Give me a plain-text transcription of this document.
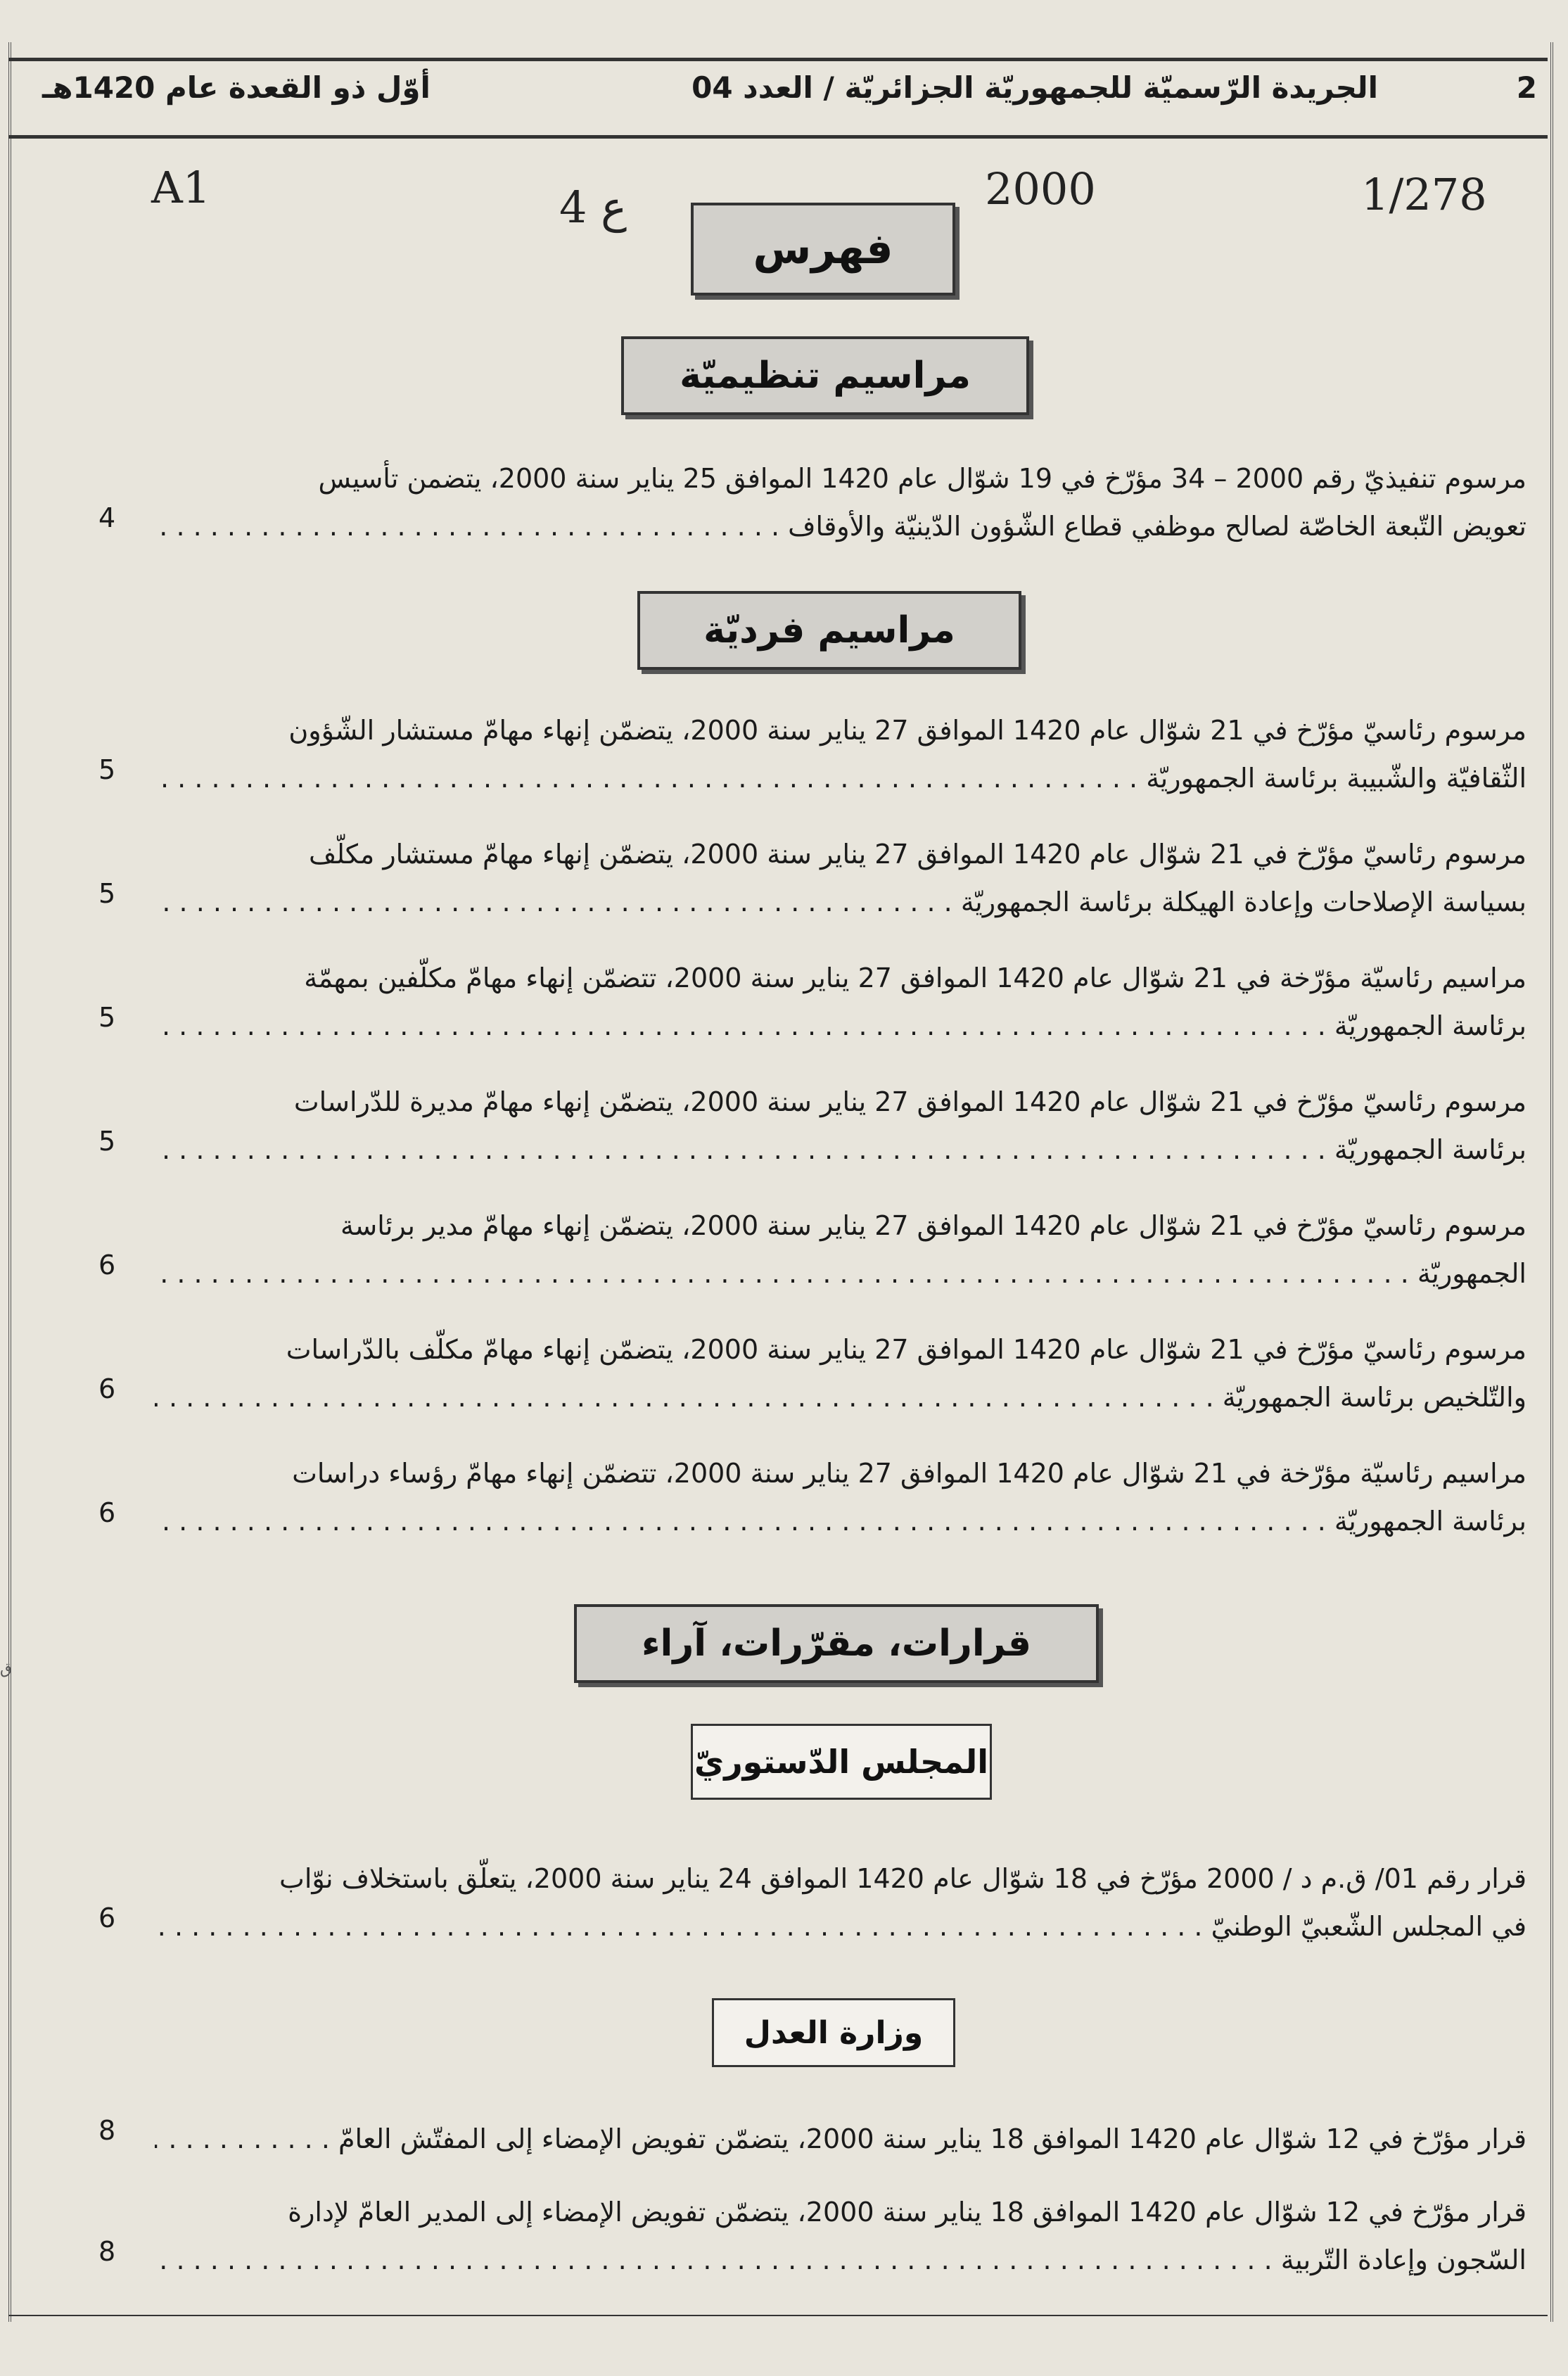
2
الجريدة الرّسميّة للجمهوريّة الجزائريّة / العدد 04
أوّل ذو القعدة عام 1420هـ
A1	4 ع	2000	1/278
فهرس
مراسيم تنظيميّة
مرسوم تنفيذيّ رقم 2000 – 34 مؤرّخ في 19 شوّال عام 1420 الموافق 25 يناير سنة 2000، يتضمن تأسيس
تعويض التّبعة الخاصّة لصالح موظفي قطاع الشّؤون الدّينيّة والأوقاف . . .
4
مراسيم فرديّة
مرسوم رئاسيّ مؤرّخ في 21 شوّال عام 1420 الموافق 27 يناير سنة 2000، يتضمّن إنهاء مهامّ مستشار الشّؤون
الثّقافيّة والشّبيبة برئاسة الجمهوريّة . . .
5
مرسوم رئاسيّ مؤرّخ في 21 شوّال عام 1420 الموافق 27 يناير سنة 2000، يتضمّن إنهاء مهامّ مستشار مكلّف
بسياسة الإصلاحات وإعادة الهيكلة برئاسة الجمهوريّة . . .
5
مراسيم رئاسيّة مؤرّخة في 21 شوّال عام 1420 الموافق 27 يناير سنة 2000، تتضمّن إنهاء مهامّ مكلّفين بمهمّة
برئاسة الجمهوريّة . . .
5
مرسوم رئاسيّ مؤرّخ في 21 شوّال عام 1420 الموافق 27 يناير سنة 2000، يتضمّن إنهاء مهامّ مديرة للدّراسات
برئاسة الجمهوريّة . . .
5
مرسوم رئاسيّ مؤرّخ في 21 شوّال عام 1420 الموافق 27 يناير سنة 2000، يتضمّن إنهاء مهامّ مدير برئاسة
الجمهوريّة . . .
6
مرسوم رئاسيّ مؤرّخ في 21 شوّال عام 1420 الموافق 27 يناير سنة 2000، يتضمّن إنهاء مهامّ مكلّف بالدّراسات
والتّلخيص برئاسة الجمهوريّة . . .
6
مراسيم رئاسيّة مؤرّخة في 21 شوّال عام 1420 الموافق 27 يناير سنة 2000، تتضمّن إنهاء مهامّ رؤساء دراسات
برئاسة الجمهوريّة . . .
6
قرارات، مقرّرات، آراء
المجلس الدّستوريّ
قرار رقم 01/ ق.م د / 2000 مؤرّخ في 18 شوّال عام 1420 الموافق 24 يناير سنة 2000، يتعلّق باستخلاف نوّاب
في المجلس الشّعبيّ الوطنيّ . . .
6
وزارة العدل
قرار مؤرّخ في 12 شوّال عام 1420 الموافق 18 يناير سنة 2000، يتضمّن تفويض الإمضاء إلى المفتّش العامّ . . .
8
قرار مؤرّخ في 12 شوّال عام 1420 الموافق 18 يناير سنة 2000، يتضمّن تفويض الإمضاء إلى المدير العامّ لإدارة
السّجون وإعادة التّربية . . .
8
ق
